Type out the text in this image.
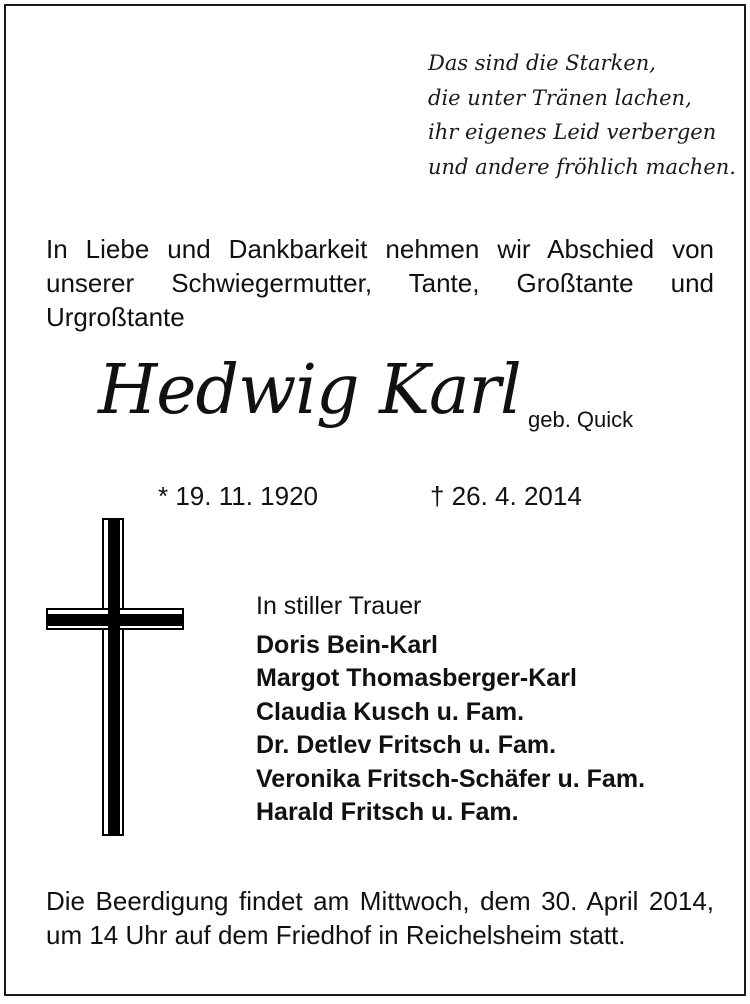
Das sind die Starken,
die unter Tränen lachen,
ihr eigenes Leid verbergen
und andere fröhlich machen.
In Liebe und Dankbarkeit nehmen wir Abschied von unserer Schwiegermutter, Tante, Großtante und Urgroßtante
Hedwig Karl geb. Quick
* 19. 11. 1920	† 26. 4. 2014
In stiller Trauer
Doris Bein-Karl
Margot Thomasberger-Karl
Claudia Kusch u. Fam.
Dr. Detlev Fritsch u. Fam.
Veronika Fritsch-Schäfer u. Fam.
Harald Fritsch u. Fam.
Die Beerdigung findet am Mittwoch, dem 30. April 2014, um 14 Uhr auf dem Friedhof in Reichelsheim statt.
